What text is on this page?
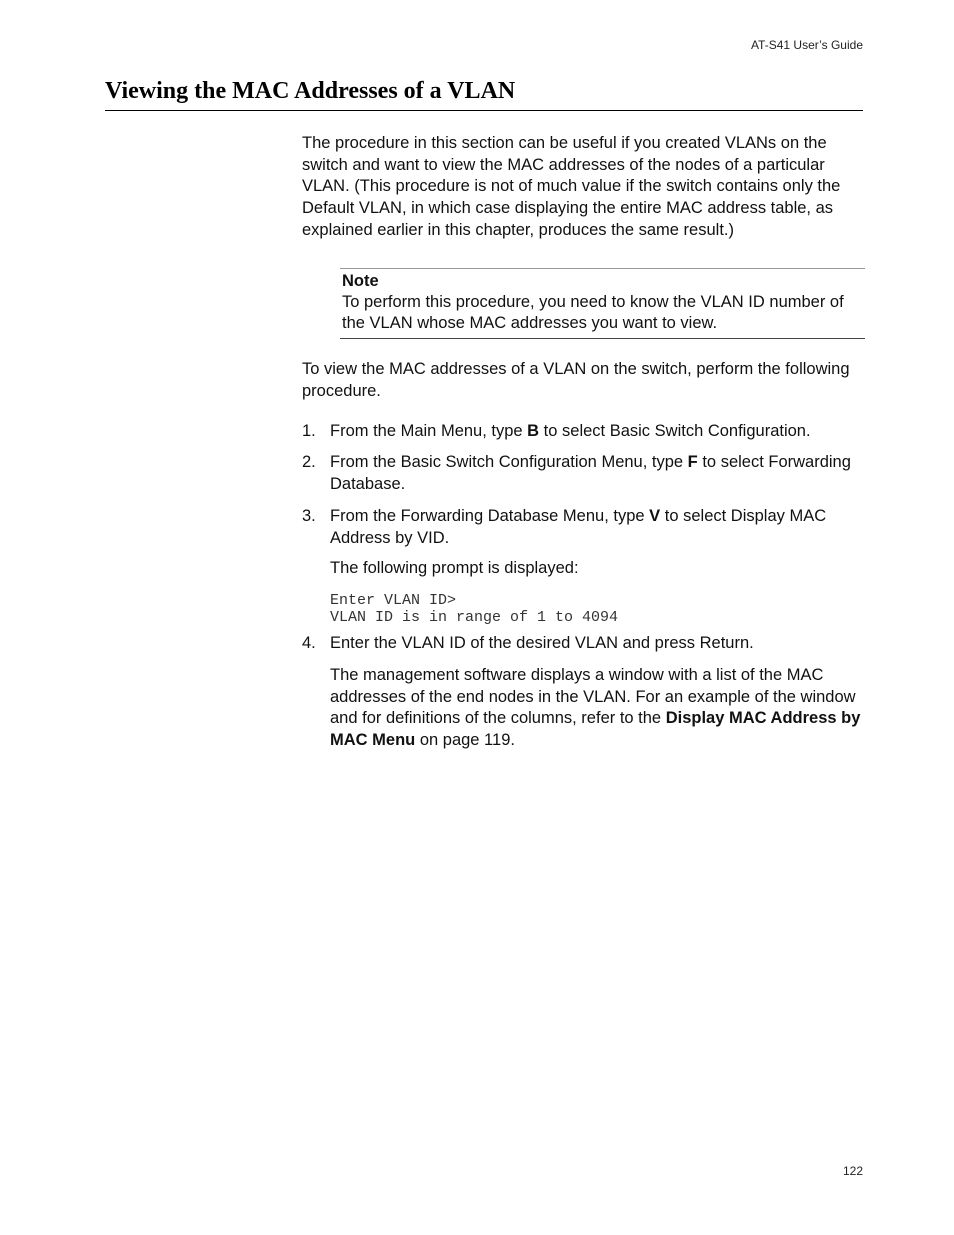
AT-S41 User’s Guide
Viewing the MAC Addresses of a VLAN

The procedure in this section can be useful if you created VLANs on the switch and want to view the MAC addresses of the nodes of a particular VLAN. (This procedure is not of much value if the switch contains only the Default VLAN, in which case displaying the entire MAC address table, as explained earlier in this chapter, produces the same result.)

Note
To perform this procedure, you need to know the VLAN ID number of the VLAN whose MAC addresses you want to view.

To view the MAC addresses of a VLAN on the switch, perform the following procedure.

1. From the Main Menu, type B to select Basic Switch Configuration.
2. From the Basic Switch Configuration Menu, type F to select Forwarding Database.
3. From the Forwarding Database Menu, type V to select Display MAC Address by VID.
The following prompt is displayed:
Enter VLAN ID>
VLAN ID is in range of 1 to 4094
4. Enter the VLAN ID of the desired VLAN and press Return.
The management software displays a window with a list of the MAC addresses of the end nodes in the VLAN. For an example of the window and for definitions of the columns, refer to the Display MAC Address by MAC Menu on page 119.
122
